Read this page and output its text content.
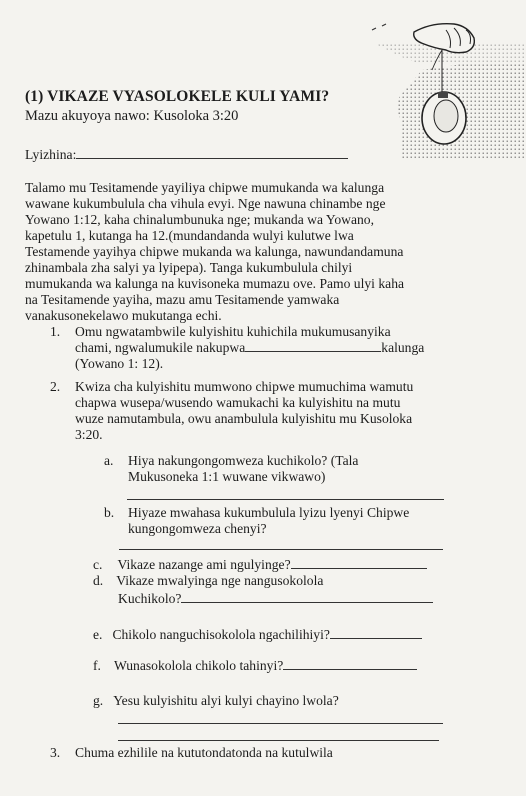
(1) VIKAZE VYASOLOKELE KULI YAMI?
Mazu akuyoya nawo: Kusoloka 3:20
Lyizhina:
Talamo mu Tesitamende yayiliya chipwe mumukanda wa kalunga
wawane kukumbulula cha vihula evyi. Nge nawuna chinambe nge
Yowano 1:12, kaha chinalumbunuka nge; mukanda wa Yowano,
kapetulu 1, kutanga ha 12.(mundandanda wulyi kulutwe lwa
Testamende yayihya chipwe mukanda wa kalunga, nawundandamuna
zhinambala zha salyi ya lyipepa). Tanga kukumbulula chilyi
mumukanda wa kalunga na kuvisoneka mumazu ove. Pamo ulyi kaha
na Tesitamende yayiha, mazu amu Tesitamende yamwaka
vanakusonekelawo mukutanga echi.
1. Omu ngwatambwile kulyishitu kuhichila mukumusanyika
chami, ngwalumukile nakupwa	kalunga
(Yowano 1: 12).
2. Kwiza cha kulyishitu mumwono chipwe mumuchima wamutu
chapwa wusepa/wusendo wamukachi ka kulyishitu na mutu
wuze namutambula, owu anambulula kulyishitu mu Kusoloka
3:20.
a. Hiya nakungongomweza kuchikolo? (Tala
Mukusoneka 1:1 wuwane vikwawo)
b. Hiyaze mwahasa kukumbulula lyizu lyenyi Chipwe
kungongomweza chenyi?
c. Vikaze nazange ami ngulyinge?
d. Vikaze mwalyinga nge nangusokolola
Kuchikolo?
e. Chikolo nanguchisokolola ngachilihiyi?
f. Wunasokolola chikolo tahinyi?
g. Yesu kulyishitu alyi kulyi chayino lwola?
3. Chuma ezhilile na kututondatonda na kutulwila
